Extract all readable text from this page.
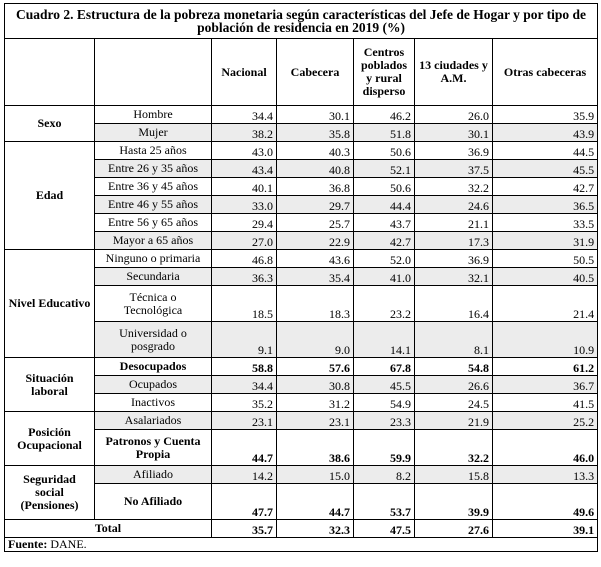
Cuadro 2. Estructura de la pobreza monetaria según características del Jefe de Hogar y por tipo de población de residencia en 2019 (%)						
		Nacional	Cabecera	Centros poblados y rural disperso	13 ciudades y A.M.	Otras cabeceras
Sexo	Hombre	34.4	30.1	46.2	26.0	35.9
	Mujer	38.2	35.8	51.8	30.1	43.9
Edad	Hasta 25 años	43.0	40.3	50.6	36.9	44.5
	Entre 26 y 35 años	43.4	40.8	52.1	37.5	45.5
	Entre 36 y 45 años	40.1	36.8	50.6	32.2	42.7
	Entre 46 y 55 años	33.0	29.7	44.4	24.6	36.5
	Entre 56 y 65 años	29.4	25.7	43.7	21.1	33.5
	Mayor a 65 años	27.0	22.9	42.7	17.3	31.9
Nivel Educativo	Ninguno o primaria	46.8	43.6	52.0	36.9	50.5
	Secundaria	36.3	35.4	41.0	32.1	40.5
	Técnica o Tecnológica	18.5	18.3	23.2	16.4	21.4
	Universidad o posgrado	9.1	9.0	14.1	8.1	10.9
Situación laboral	Desocupados	58.8	57.6	67.8	54.8	61.2
	Ocupados	34.4	30.8	45.5	26.6	36.7
	Inactivos	35.2	31.2	54.9	24.5	41.5
Posición Ocupacional	Asalariados	23.1	23.1	23.3	21.9	25.2
	Patronos y Cuenta Propia	44.7	38.6	59.9	32.2	46.0
Seguridad social (Pensiones)	Afiliado	14.2	15.0	8.2	15.8	13.3
	No Afiliado	47.7	44.7	53.7	39.9	49.6
Total		35.7	32.3	47.5	27.6	39.1
Fuente: DANE.						
